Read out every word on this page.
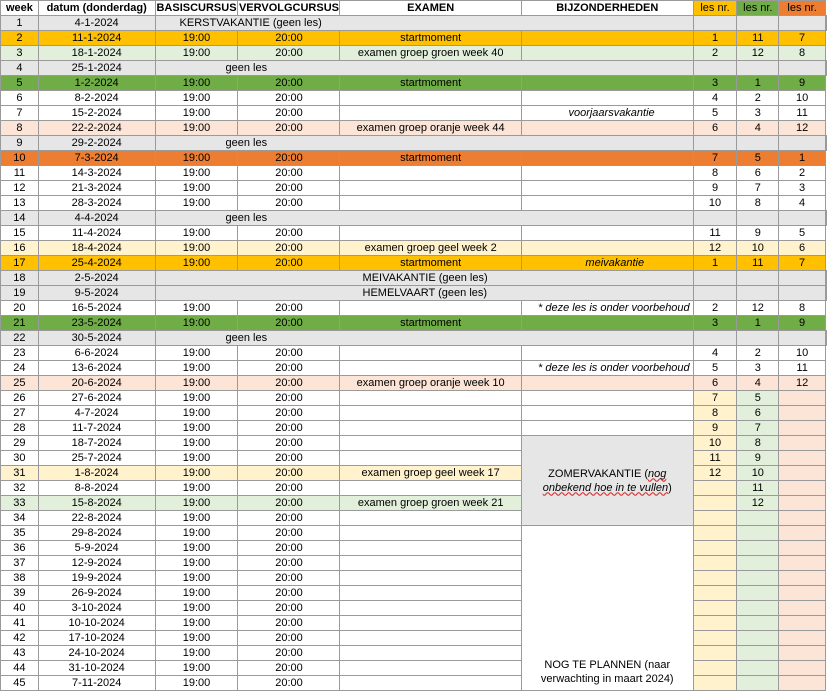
week	datum (donderdag)	BASISCURSUS	VERVOLGCURSUS	EXAMEN	BIJZONDERHEDEN	les nr.	les nr.	les nr.	
1	4-1-2024	KERSTVAKANTIE (geen les)							
2	11-1-2024	19:00	20:00	startmoment		1	11	7	
3	18-1-2024	19:00	20:00	examen groep groen week 40		2	12	8	
4	25-1-2024	geen les							
5	1-2-2024	19:00	20:00	startmoment		3	1	9	
6	8-2-2024	19:00	20:00			4	2	10	
7	15-2-2024	19:00	20:00		voorjaarsvakantie	5	3	11	
8	22-2-2024	19:00	20:00	examen groep oranje week 44		6	4	12	
9	29-2-2024	geen les							
10	7-3-2024	19:00	20:00	startmoment		7	5	1	
11	14-3-2024	19:00	20:00			8	6	2	
12	21-3-2024	19:00	20:00			9	7	3	
13	28-3-2024	19:00	20:00			10	8	4	
14	4-4-2024	geen les							
15	11-4-2024	19:00	20:00			11	9	5	
16	18-4-2024	19:00	20:00	examen groep geel week 2		12	10	6	
17	25-4-2024	19:00	20:00	startmoment	meivakantie	1	11	7	
18	2-5-2024	MEIVAKANTIE (geen les)							
19	9-5-2024	HEMELVAART (geen les)							
20	16-5-2024	19:00	20:00		* deze les is onder voorbehoud	2	12	8	
21	23-5-2024	19:00	20:00	startmoment		3	1	9	
22	30-5-2024	geen les							
23	6-6-2024	19:00	20:00			4	2	10	
24	13-6-2024	19:00	20:00		* deze les is onder voorbehoud	5	3	11	
25	20-6-2024	19:00	20:00	examen groep oranje week 10		6	4	12	
26	27-6-2024	19:00	20:00			7	5		
27	4-7-2024	19:00	20:00			8	6		
28	11-7-2024	19:00	20:00			9	7		
29	18-7-2024	19:00	20:00		ZOMERVAKANTIE (nog
onbekend hoe in te vullen)	10	8		
30	25-7-2024	19:00	20:00			11	9		
31	1-8-2024	19:00	20:00	examen groep geel week 17		12	10		
32	8-8-2024	19:00	20:00				11		
33	15-8-2024	19:00	20:00	examen groep groen week 21			12		
34	22-8-2024	19:00	20:00						
35	29-8-2024	19:00	20:00		NOG TE PLANNEN (naar verwachting in maart 2024)				

36	5-9-2024	19:00	20:00						
37	12-9-2024	19:00	20:00						
38	19-9-2024	19:00	20:00						
39	26-9-2024	19:00	20:00						
40	3-10-2024	19:00	20:00						
41	10-10-2024	19:00	20:00						
42	17-10-2024	19:00	20:00						
43	24-10-2024	19:00	20:00						
44	31-10-2024	19:00	20:00						
45	7-11-2024	19:00	20:00						
